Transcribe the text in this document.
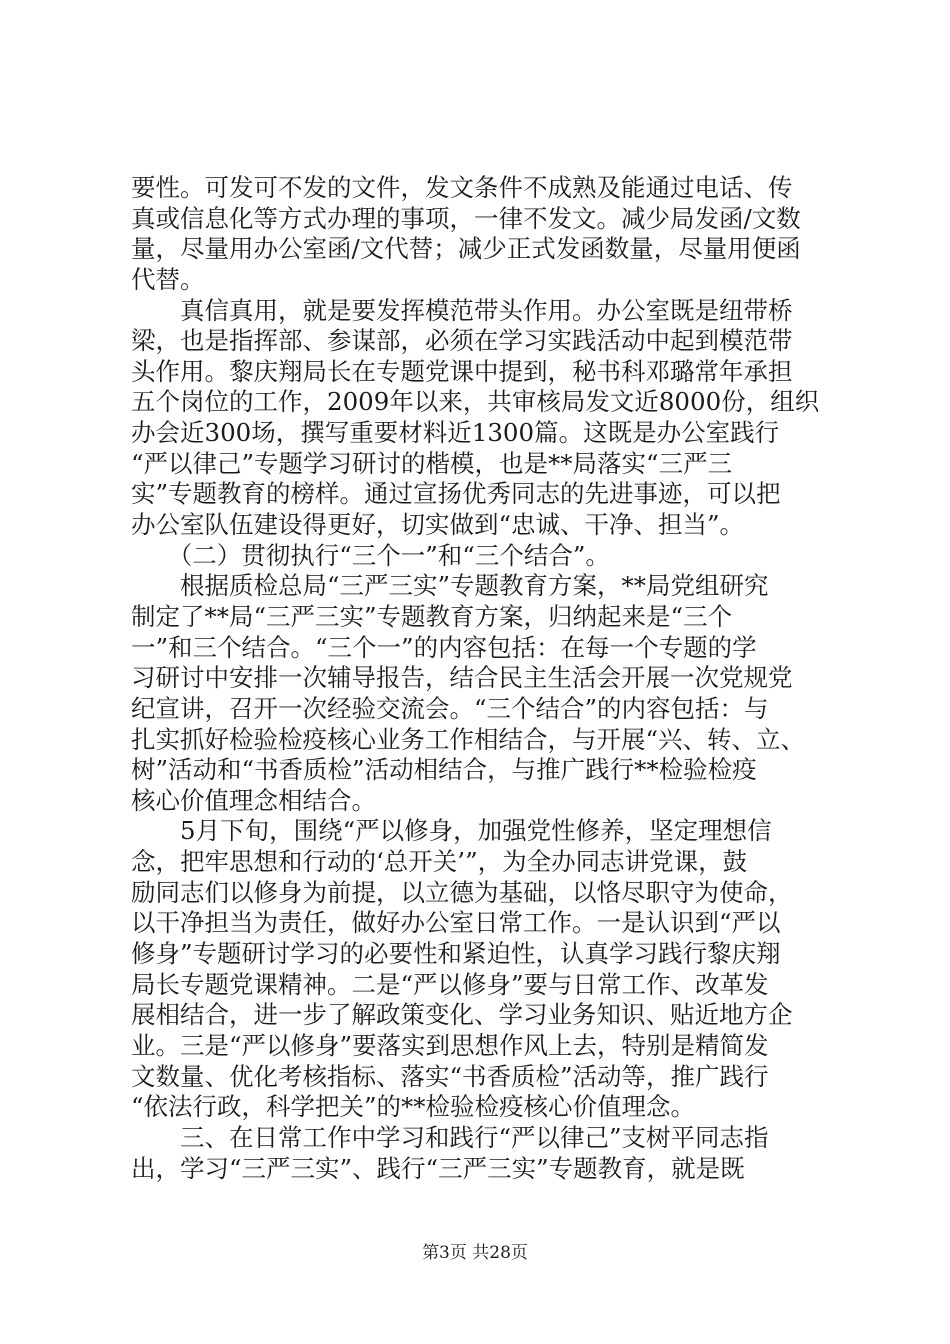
要性。可发可不发的文件，发文条件不成熟及能通过电话、传
真或信息化等方式办理的事项，一律不发文。减少局发函/文数
量，尽量用办公室函/文代替；减少正式发函数量，尽量用便函
代替。
　　真信真用，就是要发挥模范带头作用。办公室既是纽带桥
梁，也是指挥部、参谋部，必须在学习实践活动中起到模范带
头作用。黎庆翔局长在专题党课中提到，秘书科邓璐常年承担
五个岗位的工作，2009年以来，共审核局发文近8000份，组织
办会近300场，撰写重要材料近1300篇。这既是办公室践行
“严以律己”专题学习研讨的楷模，也是**局落实“三严三
实”专题教育的榜样。通过宣扬优秀同志的先进事迹，可以把
办公室队伍建设得更好，切实做到“忠诚、干净、担当”。
　　（二）贯彻执行“三个一”和“三个结合”。
　　根据质检总局“三严三实”专题教育方案，**局党组研究
制定了**局“三严三实”专题教育方案，归纳起来是“三个
一”和三个结合。“三个一”的内容包括：在每一个专题的学
习研讨中安排一次辅导报告，结合民主生活会开展一次党规党
纪宣讲，召开一次经验交流会。“三个结合”的内容包括：与
扎实抓好检验检疫核心业务工作相结合，与开展“兴、转、立、
树”活动和“书香质检”活动相结合，与推广践行**检验检疫
核心价值理念相结合。
　　5月下旬，围绕“严以修身，加强党性修养，坚定理想信
念，把牢思想和行动的‘总开关’”，为全办同志讲党课，鼓
励同志们以修身为前提，以立德为基础，以恪尽职守为使命，
以干净担当为责任，做好办公室日常工作。一是认识到“严以
修身”专题研讨学习的必要性和紧迫性，认真学习践行黎庆翔
局长专题党课精神。二是“严以修身”要与日常工作、改革发
展相结合，进一步了解政策变化、学习业务知识、贴近地方企
业。三是“严以修身”要落实到思想作风上去，特别是精简发
文数量、优化考核指标、落实“书香质检”活动等，推广践行
“依法行政，科学把关”的**检验检疫核心价值理念。
　　三、在日常工作中学习和践行“严以律己”支树平同志指
出，学习“三严三实”、践行“三严三实”专题教育，就是既
第3页 共28页
